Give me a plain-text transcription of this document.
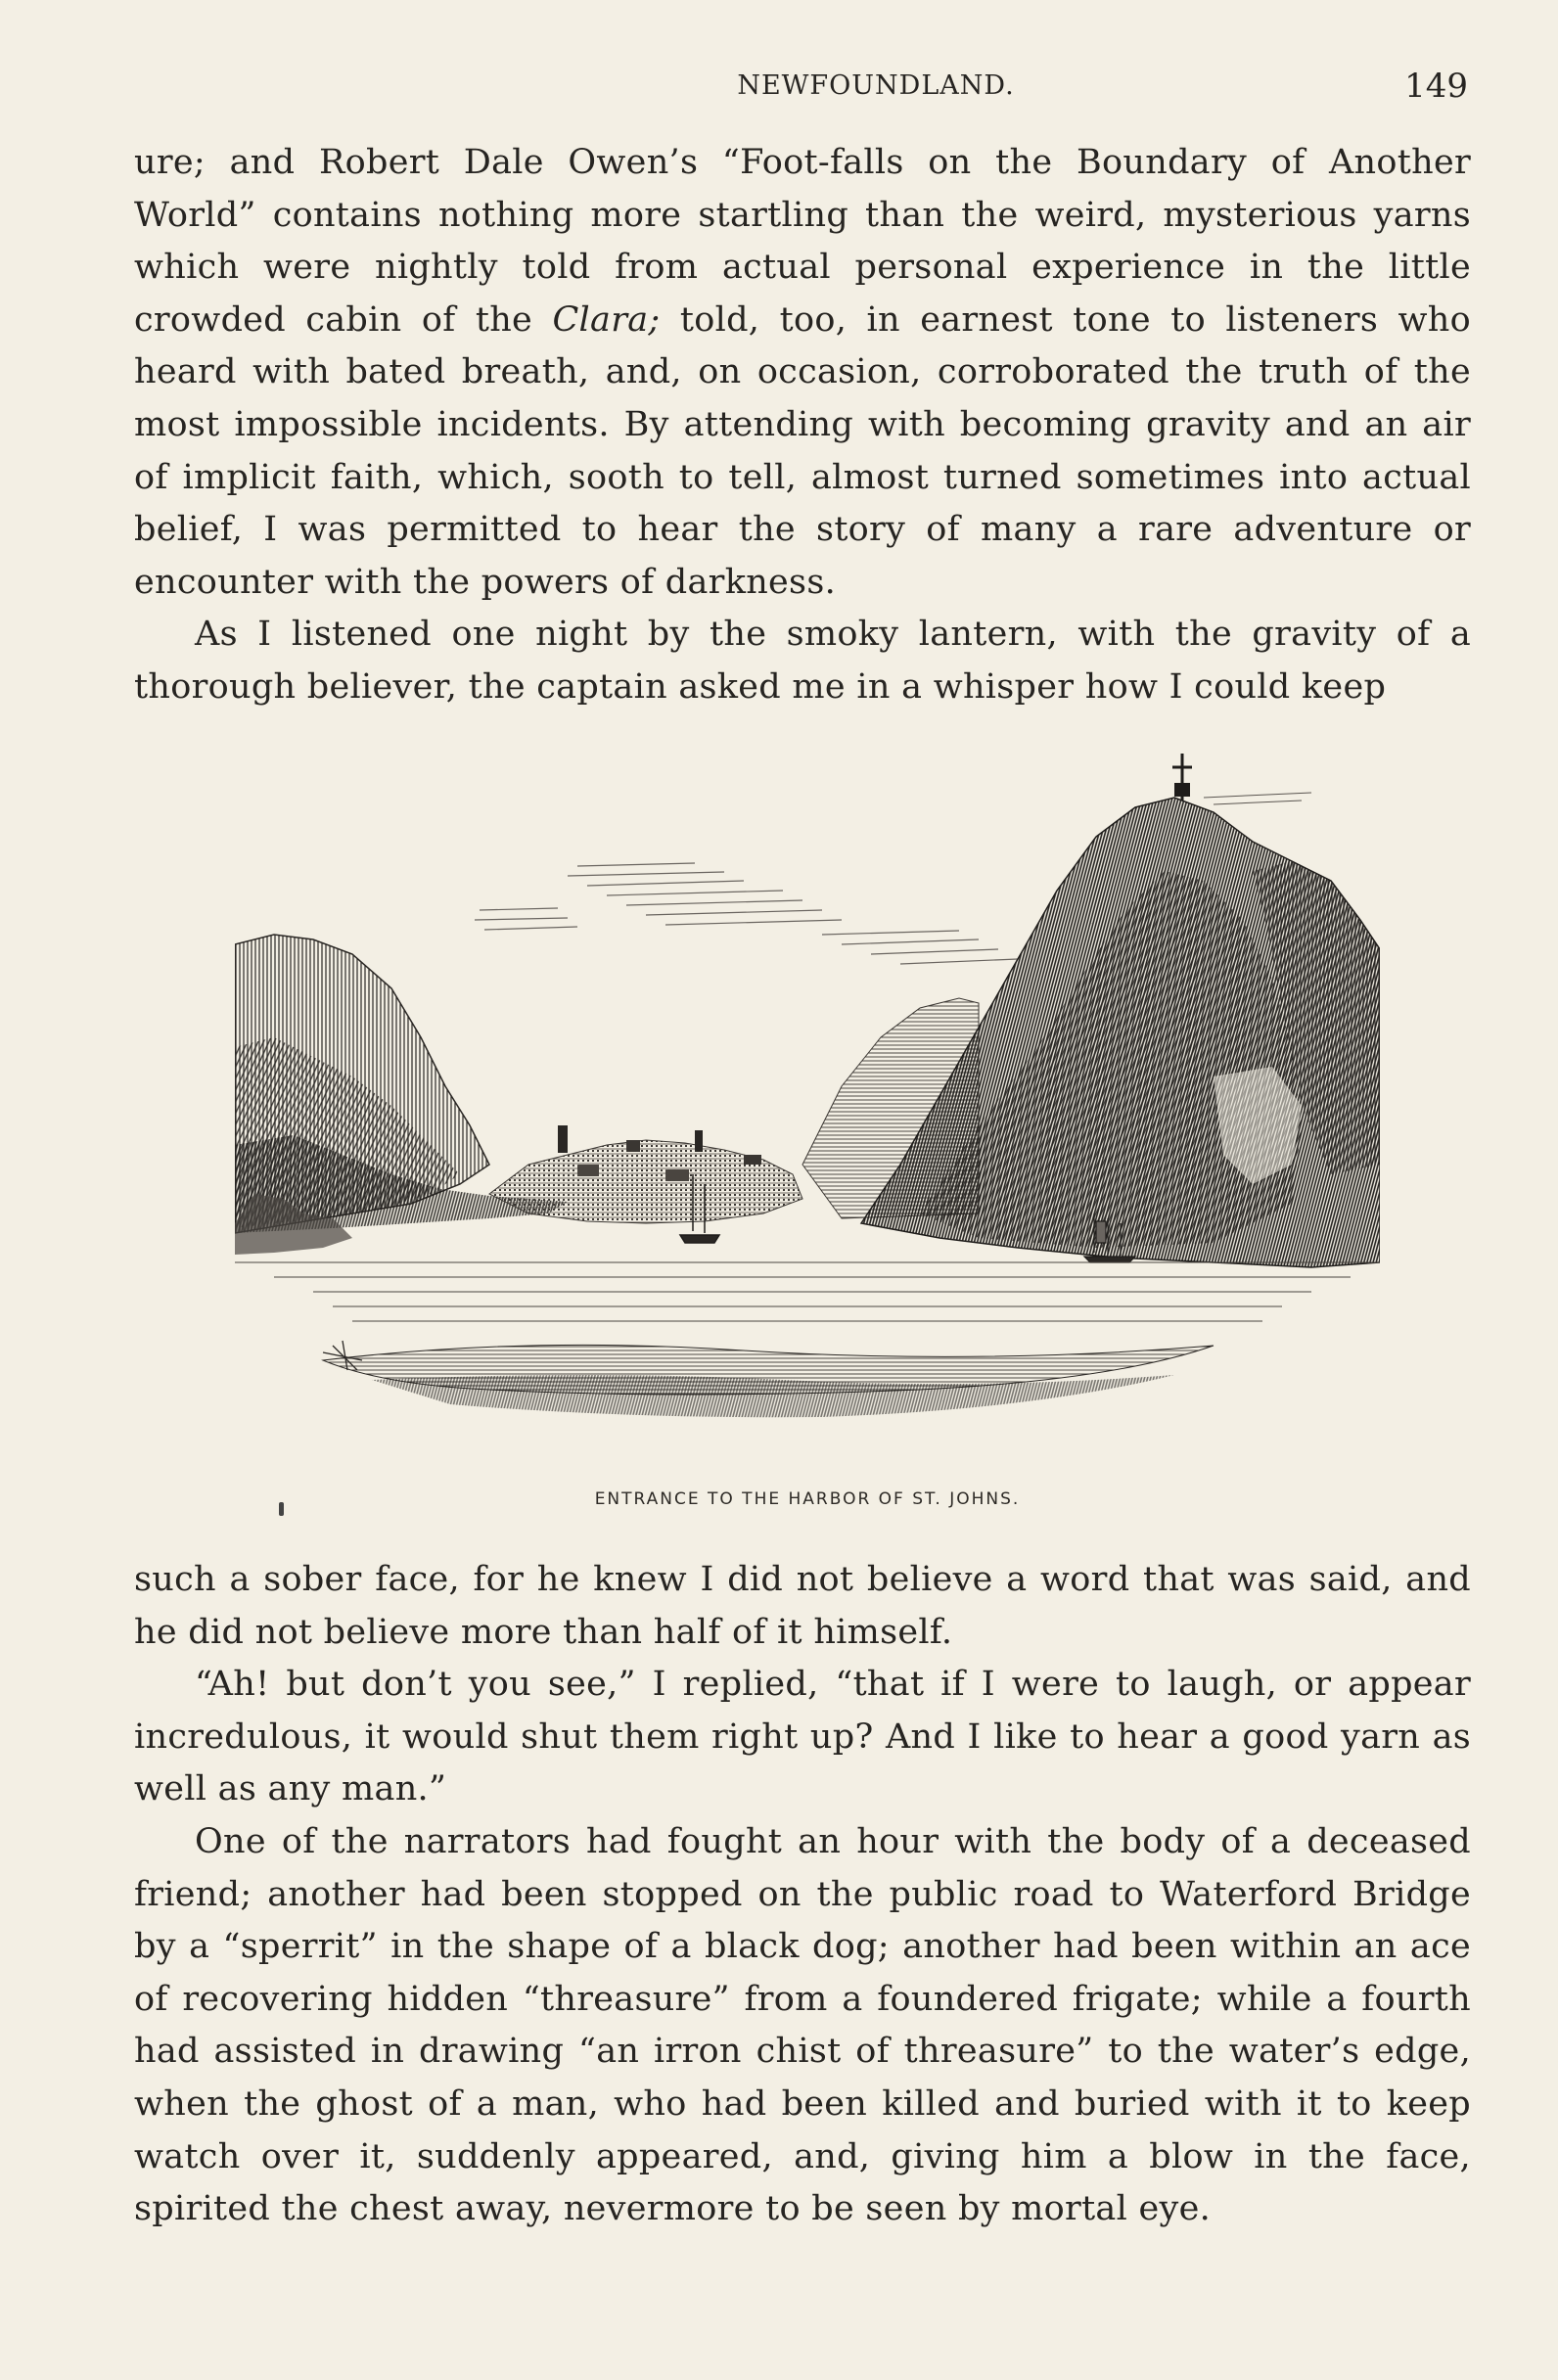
NEWFOUNDLAND.	149

ure; and Robert Dale Owen’s “Foot-falls on the Boundary of Another World” contains nothing more startling than the weird, mysterious yarns which were nightly told from actual personal experience in the little crowded cabin of the Clara; told, too, in earnest tone to listeners who heard with bated breath, and, on occasion, corroborated the truth of the most impossible incidents. By attending with becoming gravity and an air of implicit faith, which, sooth to tell, almost turned sometimes into actual belief, I was permitted to hear the story of many a rare adventure or encounter with the powers of darkness.

As I listened one night by the smoky lantern, with the gravity of a thorough believer, the captain asked me in a whisper how I could keep

ENTRANCE TO THE HARBOR OF ST. JOHNS.

such a sober face, for he knew I did not believe a word that was said, and he did not believe more than half of it himself.

“Ah! but don’t you see,” I replied, “that if I were to laugh, or appear incredulous, it would shut them right up? And I like to hear a good yarn as well as any man.”

One of the narrators had fought an hour with the body of a deceased friend; another had been stopped on the public road to Waterford Bridge by a “sperrit” in the shape of a black dog; another had been within an ace of recovering hidden “threasure” from a foundered frigate; while a fourth had assisted in drawing “an irron chist of threasure” to the water’s edge, when the ghost of a man, who had been killed and buried with it to keep watch over it, suddenly appeared, and, giving him a blow in the face, spirited the chest away, nevermore to be seen by mortal eye.
